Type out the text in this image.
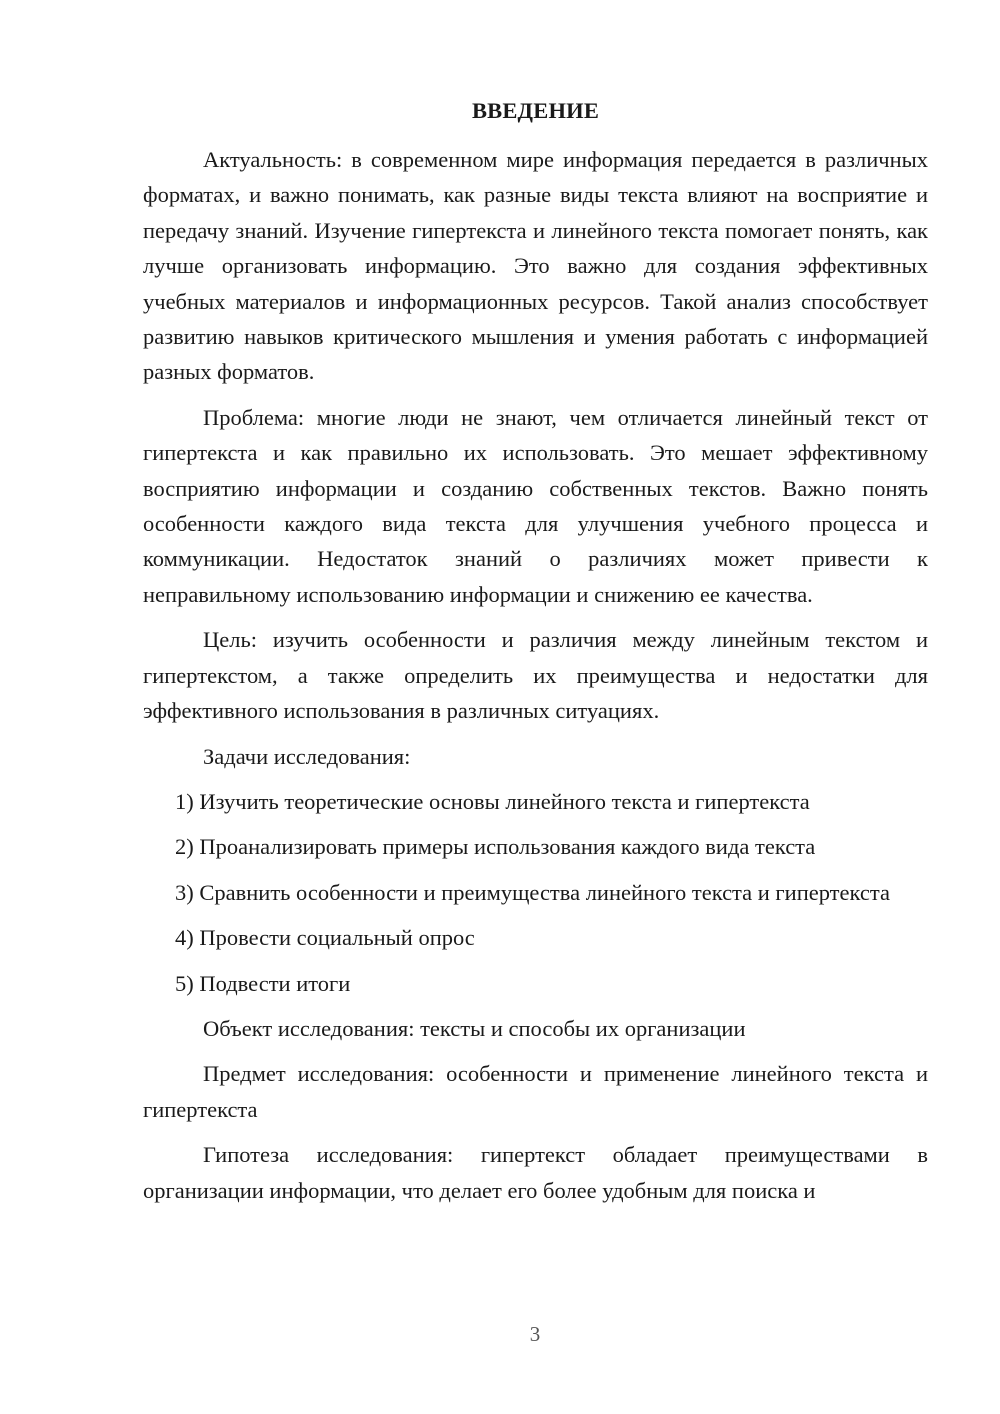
ВВЕДЕНИЕ

Актуальность: в современном мире информация передается в различных форматах, и важно понимать, как разные виды текста влияют на восприятие и передачу знаний. Изучение гипертекста и линейного текста помогает понять, как лучше организовать информацию. Это важно для создания эффективных учебных материалов и информационных ресурсов. Такой анализ способствует развитию навыков критического мышления и умения работать с информацией разных форматов.

Проблема: многие люди не знают, чем отличается линейный текст от гипертекста и как правильно их использовать. Это мешает эффективному восприятию информации и созданию собственных текстов. Важно понять особенности каждого вида текста для улучшения учебного процесса и коммуникации. Недостаток знаний о различиях может привести к неправильному использованию информации и снижению ее качества.

Цель: изучить особенности и различия между линейным текстом и гипертекстом, а также определить их преимущества и недостатки для эффективного использования в различных ситуациях.

Задачи исследования:

1) Изучить теоретические основы линейного текста и гипертекста

2) Проанализировать примеры использования каждого вида текста

3) Сравнить особенности и преимущества линейного текста и гипертекста

4) Провести социальный опрос

5) Подвести итоги

Объект исследования: тексты и способы их организации

Предмет исследования: особенности и применение линейного текста и гипертекста

Гипотеза исследования: гипертекст обладает преимуществами в организации информации, что делает его более удобным для поиска и

3
